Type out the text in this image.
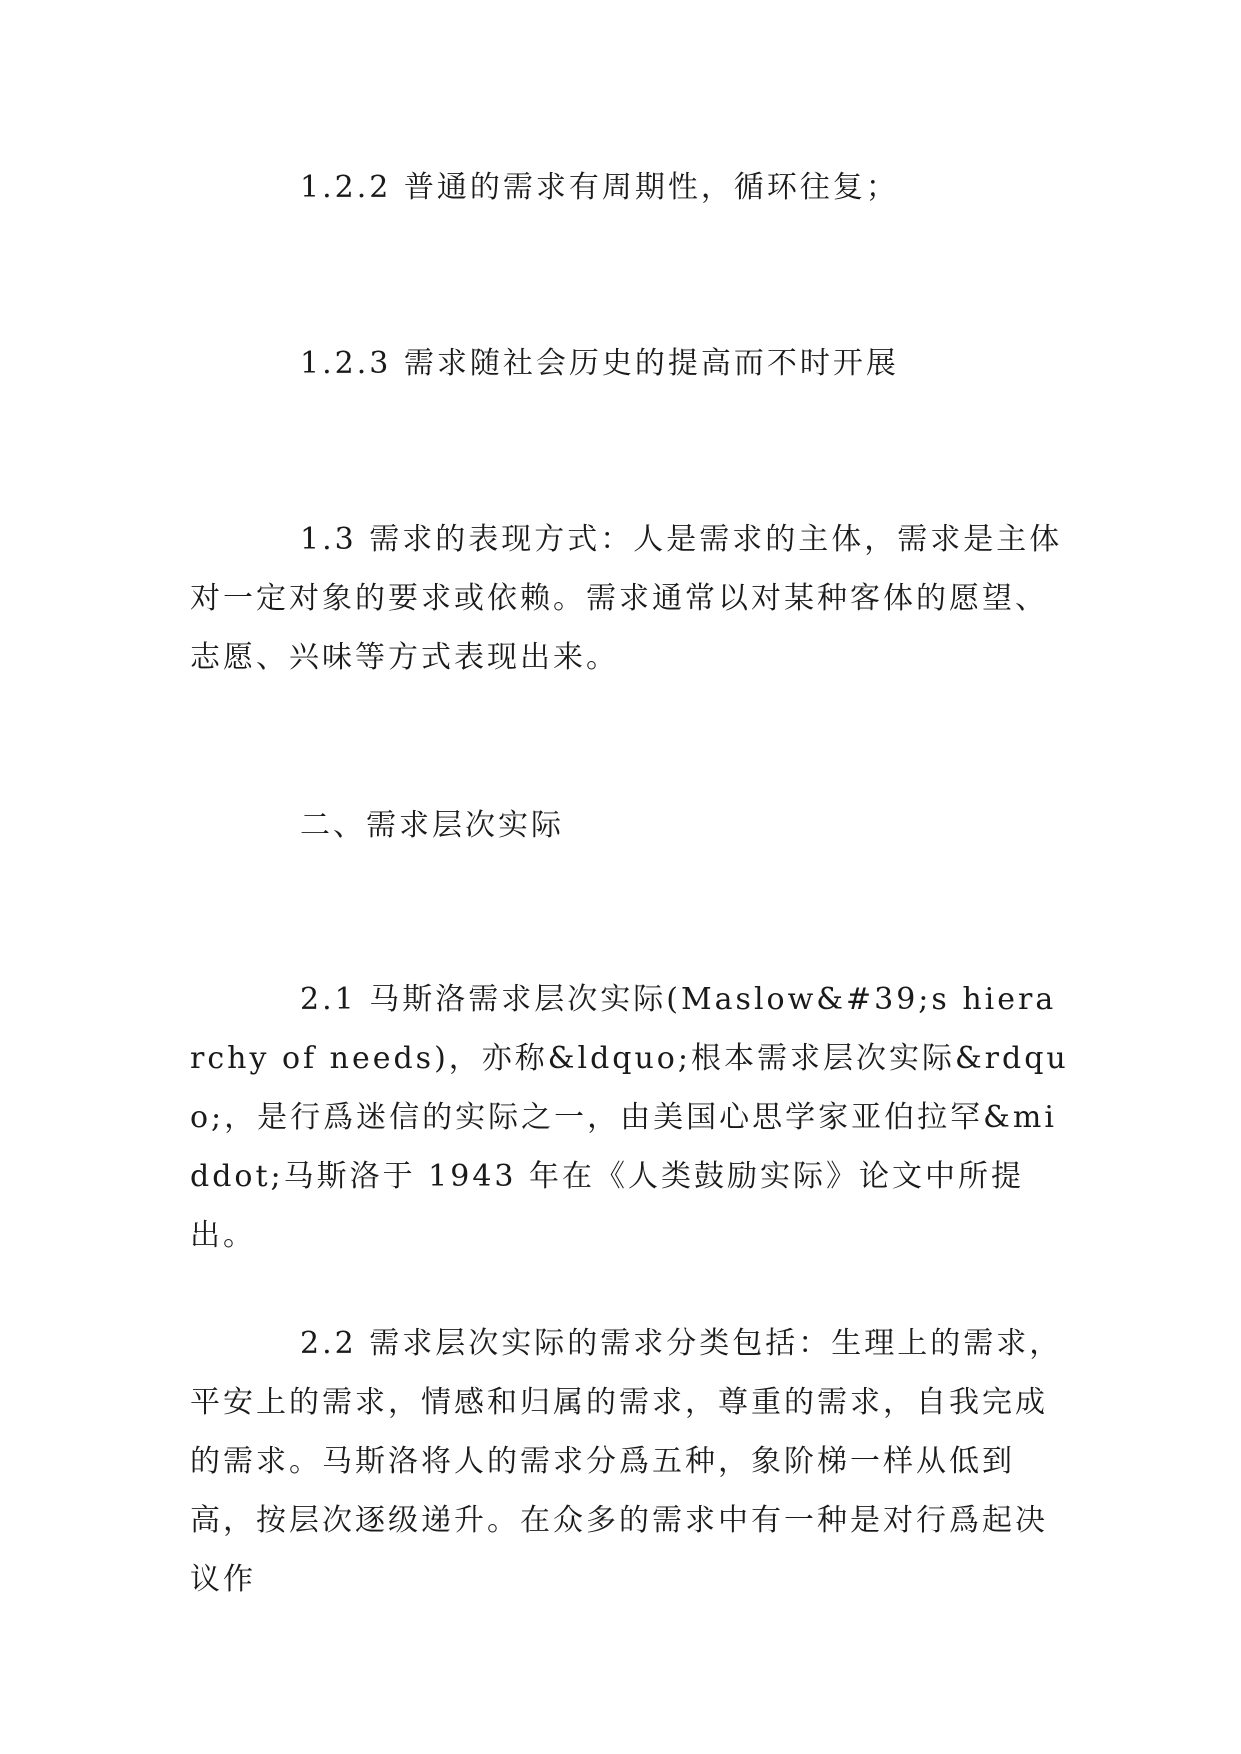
1.2.2 普通的需求有周期性，循环往复；

1.2.3 需求随社会历史的提高而不时开展

1.3 需求的表现方式：人是需求的主体，需求是主体对一定对象的要求或依赖。需求通常以对某种客体的愿望、志愿、兴味等方式表现出来。

二、需求层次实际

2.1 马斯洛需求层次实际(Maslow&#39;s hierarchy of needs)，亦称&ldquo;根本需求层次实际&rdquo;，是行爲迷信的实际之一，由美国心思学家亚伯拉罕&middot;马斯洛于 1943 年在《人类鼓励实际》论文中所提出。

2.2 需求层次实际的需求分类包括：生理上的需求，平安上的需求，情感和归属的需求，尊重的需求，自我完成的需求。马斯洛将人的需求分爲五种，象阶梯一样从低到高，按层次逐级递升。在众多的需求中有一种是对行爲起决议作
